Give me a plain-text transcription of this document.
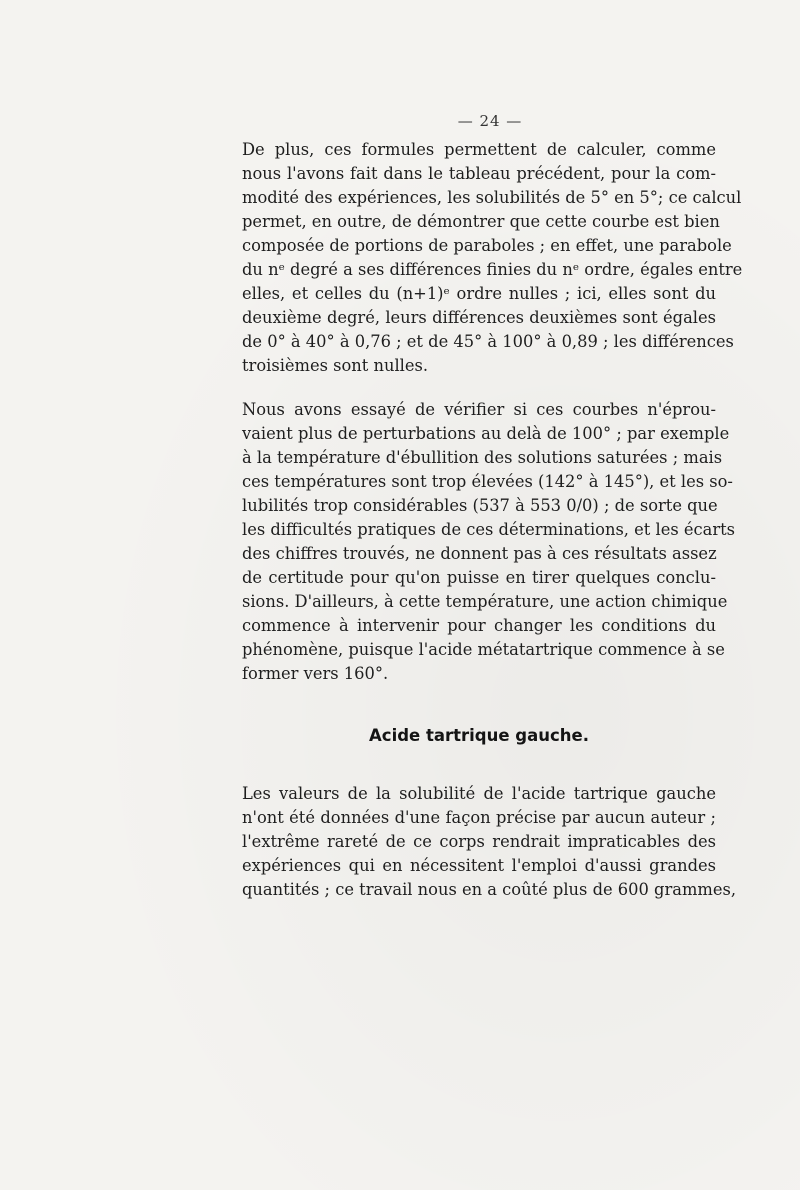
— 24 —
De plus, ces formules permettent de calculer, comme
nous l'avons fait dans le tableau précédent, pour la com-
modité des expériences, les solubilités de 5° en 5°; ce calcul
permet, en outre, de démontrer que cette courbe est bien
composée de portions de paraboles ; en effet, une parabole
du nᵉ degré a ses différences finies du nᵉ ordre, égales entre
elles, et celles du (n+1)ᵉ ordre nulles ; ici, elles sont du
deuxième degré, leurs différences deuxièmes sont égales
de 0° à 40° à 0,76 ; et de 45° à 100° à 0,89 ; les différences
troisièmes sont nulles.
Nous avons essayé de vérifier si ces courbes n'éprou-
vaient plus de perturbations au delà de 100° ; par exemple
à la température d'ébullition des solutions saturées ; mais
ces températures sont trop élevées (142° à 145°), et les so-
lubilités trop considérables (537 à 553 0/0) ; de sorte que
les difficultés pratiques de ces déterminations, et les écarts
des chiffres trouvés, ne donnent pas à ces résultats assez
de certitude pour qu'on puisse en tirer quelques conclu-
sions. D'ailleurs, à cette température, une action chimique
commence à intervenir pour changer les conditions du
phénomène, puisque l'acide métatartrique commence à se
former vers 160°.
Acide tartrique gauche.
Les valeurs de la solubilité de l'acide tartrique gauche
n'ont été données d'une façon précise par aucun auteur ;
l'extrême rareté de ce corps rendrait impraticables des
expériences qui en nécessitent l'emploi d'aussi grandes
quantités ; ce travail nous en a coûté plus de 600 grammes,
